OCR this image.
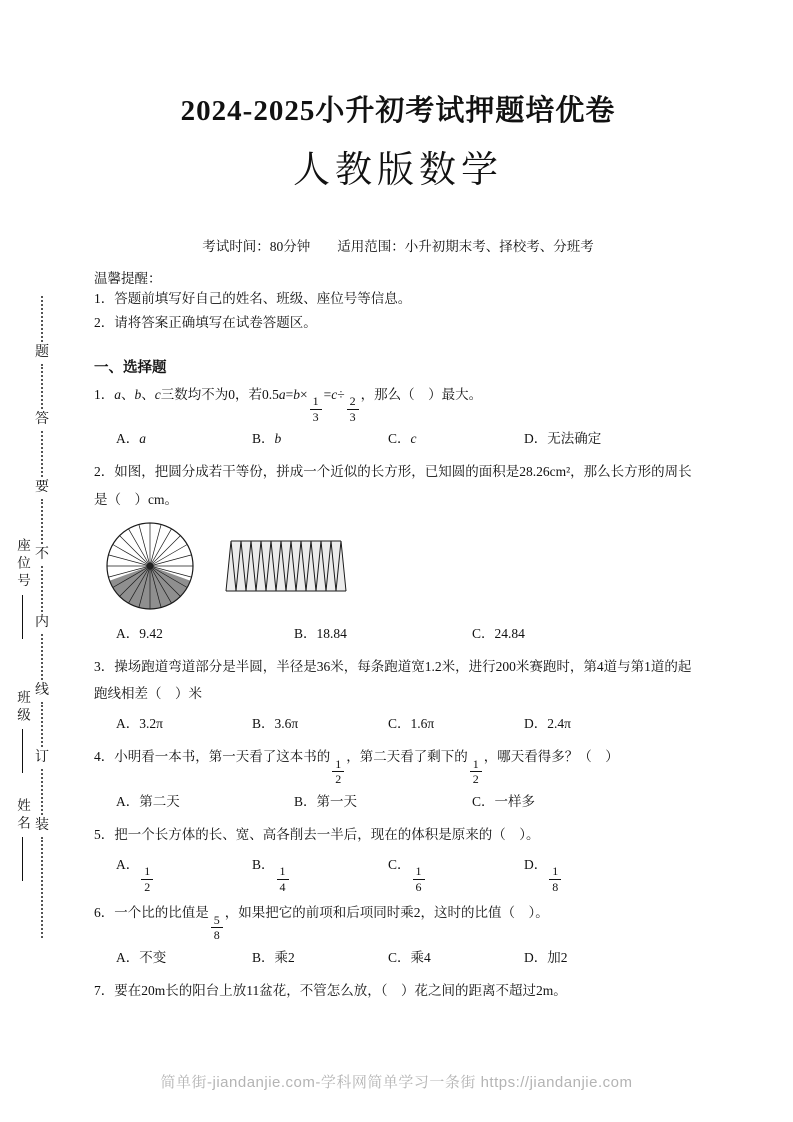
题
答
要
不
内
线
订
装
座位号
班级
姓名
2024-2025小升初考试押题培优卷
人教版数学
考试时间：80分钟　　适用范围：小升初期末考、择校考、分班考
温馨提醒：
1．答题前填写好自己的姓名、班级、座位号等信息。
2．请将答案正确填写在试卷答题区。
一、选择题
1．a、b、c三数均不为0，若0.5a=b×
$\frac{1}{3}$
=c÷
$\frac{2}{3}$
，那么（　）最大。
A．a	B．b	C．c	D．无法确定
2．如图，把圆分成若干等份，拼成一个近似的长方形，已知圆的面积是28.26cm²，那么长方形的周长是（　）cm。
A．9.42	B．18.84	C．24.84
3．操场跑道弯道部分是半圆，半径是36米，每条跑道宽1.2米，进行200米赛跑时，第4道与第1道的起跑线相差（　）米
A．3.2π	B．3.6π	C．1.6π	D．2.4π
4．小明看一本书，第一天看了这本书的
$\frac{1}{2}$
，第二天看了剩下的
$\frac{1}{2}$
，哪天看得多？（　）
A．第二天	B．第一天	C．一样多
5．把一个长方体的长、宽、高各削去一半后，现在的体积是原来的（　）。
A．
$\frac{1}{2}$
B．
$\frac{1}{4}$
C．
$\frac{1}{6}$
D．
$\frac{1}{8}$
6．一个比的比值是
$\frac{5}{8}$
，如果把它的前项和后项同时乘2，这时的比值（　）。
A．不变	B．乘2	C．乘4	D．加2
7．要在20m长的阳台上放11盆花，不管怎么放，（　）花之间的距离不超过2m。
简单街-jiandanjie.com-学科网简单学习一条街 https://jiandanjie.com
